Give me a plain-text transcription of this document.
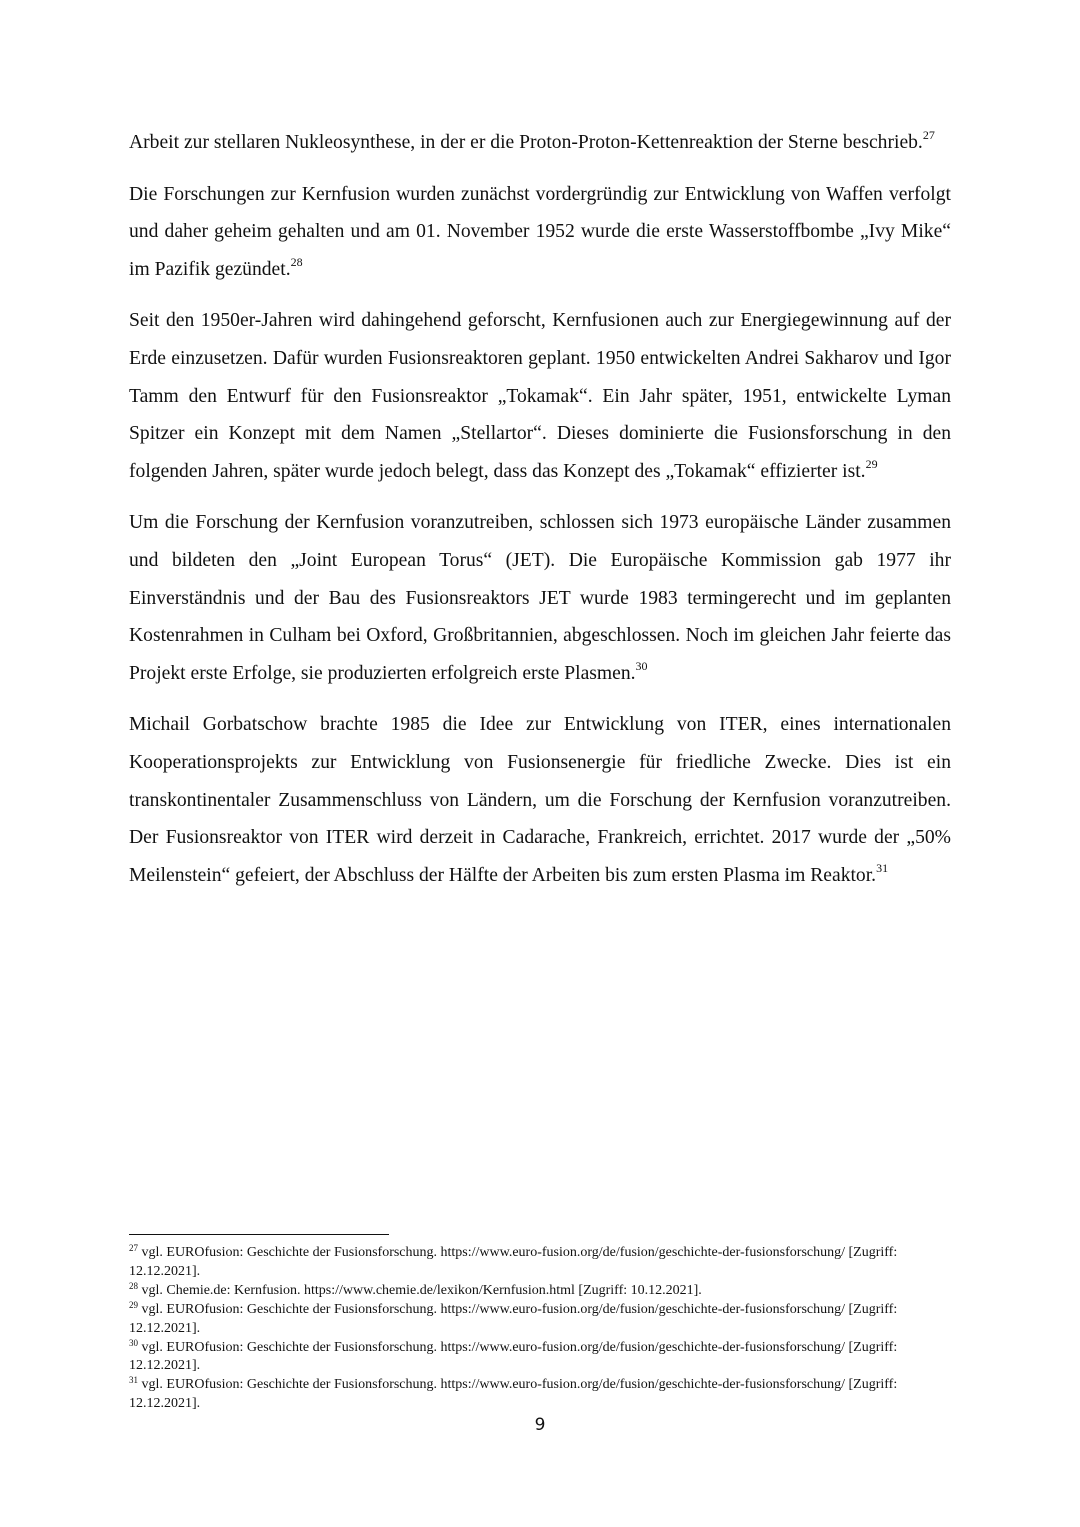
Arbeit zur stellaren Nukleosynthese, in der er die Proton-Proton-Kettenreaktion der Sterne beschrieb.$^{27}$

Die Forschungen zur Kernfusion wurden zunächst vordergründig zur Entwicklung von Waffen verfolgt und daher geheim gehalten und am 01. November 1952 wurde die erste Wasserstoffbombe „Ivy Mike“ im Pazifik gezündet.$^{28}$

Seit den 1950er-Jahren wird dahingehend geforscht, Kernfusionen auch zur Energiegewinnung auf der Erde einzusetzen. Dafür wurden Fusionsreaktoren geplant. 1950 entwickelten Andrei Sakharov und Igor Tamm den Entwurf für den Fusionsreaktor „Tokamak“. Ein Jahr später, 1951, entwickelte Lyman Spitzer ein Konzept mit dem Namen „Stellartor“. Dieses dominierte die Fusionsforschung in den folgenden Jahren, später wurde jedoch belegt, dass das Konzept des „Tokamak“ effizierter ist.$^{29}$

Um die Forschung der Kernfusion voranzutreiben, schlossen sich 1973 europäische Länder zusammen und bildeten den „Joint European Torus“ (JET). Die Europäische Kommission gab 1977 ihr Einverständnis und der Bau des Fusionsreaktors JET wurde 1983 termingerecht und im geplanten Kostenrahmen in Culham bei Oxford, Großbritannien, abgeschlossen. Noch im gleichen Jahr feierte das Projekt erste Erfolge, sie produzierten erfolgreich erste Plasmen.$^{30}$

Michail Gorbatschow brachte 1985 die Idee zur Entwicklung von ITER, eines internationalen Kooperationsprojekts zur Entwicklung von Fusionsenergie für friedliche Zwecke. Dies ist ein transkontinentaler Zusammenschluss von Ländern, um die Forschung der Kernfusion voranzutreiben. Der Fusionsreaktor von ITER wird derzeit in Cadarache, Frankreich, errichtet. 2017 wurde der „50% Meilenstein“ gefeiert, der Abschluss der Hälfte der Arbeiten bis zum ersten Plasma im Reaktor.$^{31}$

$^{27}$ vgl. EUROfusion: Geschichte der Fusionsforschung. https://www.euro-fusion.org/de/fusion/geschichte-der-fusionsforschung/ [Zugriff: 12.12.2021].

$^{28}$ vgl. Chemie.de: Kernfusion. https://www.chemie.de/lexikon/Kernfusion.html [Zugriff: 10.12.2021].

$^{29}$ vgl. EUROfusion: Geschichte der Fusionsforschung. https://www.euro-fusion.org/de/fusion/geschichte-der-fusionsforschung/ [Zugriff: 12.12.2021].

$^{30}$ vgl. EUROfusion: Geschichte der Fusionsforschung. https://www.euro-fusion.org/de/fusion/geschichte-der-fusionsforschung/ [Zugriff: 12.12.2021].

$^{31}$ vgl. EUROfusion: Geschichte der Fusionsforschung. https://www.euro-fusion.org/de/fusion/geschichte-der-fusionsforschung/ [Zugriff: 12.12.2021].

9
